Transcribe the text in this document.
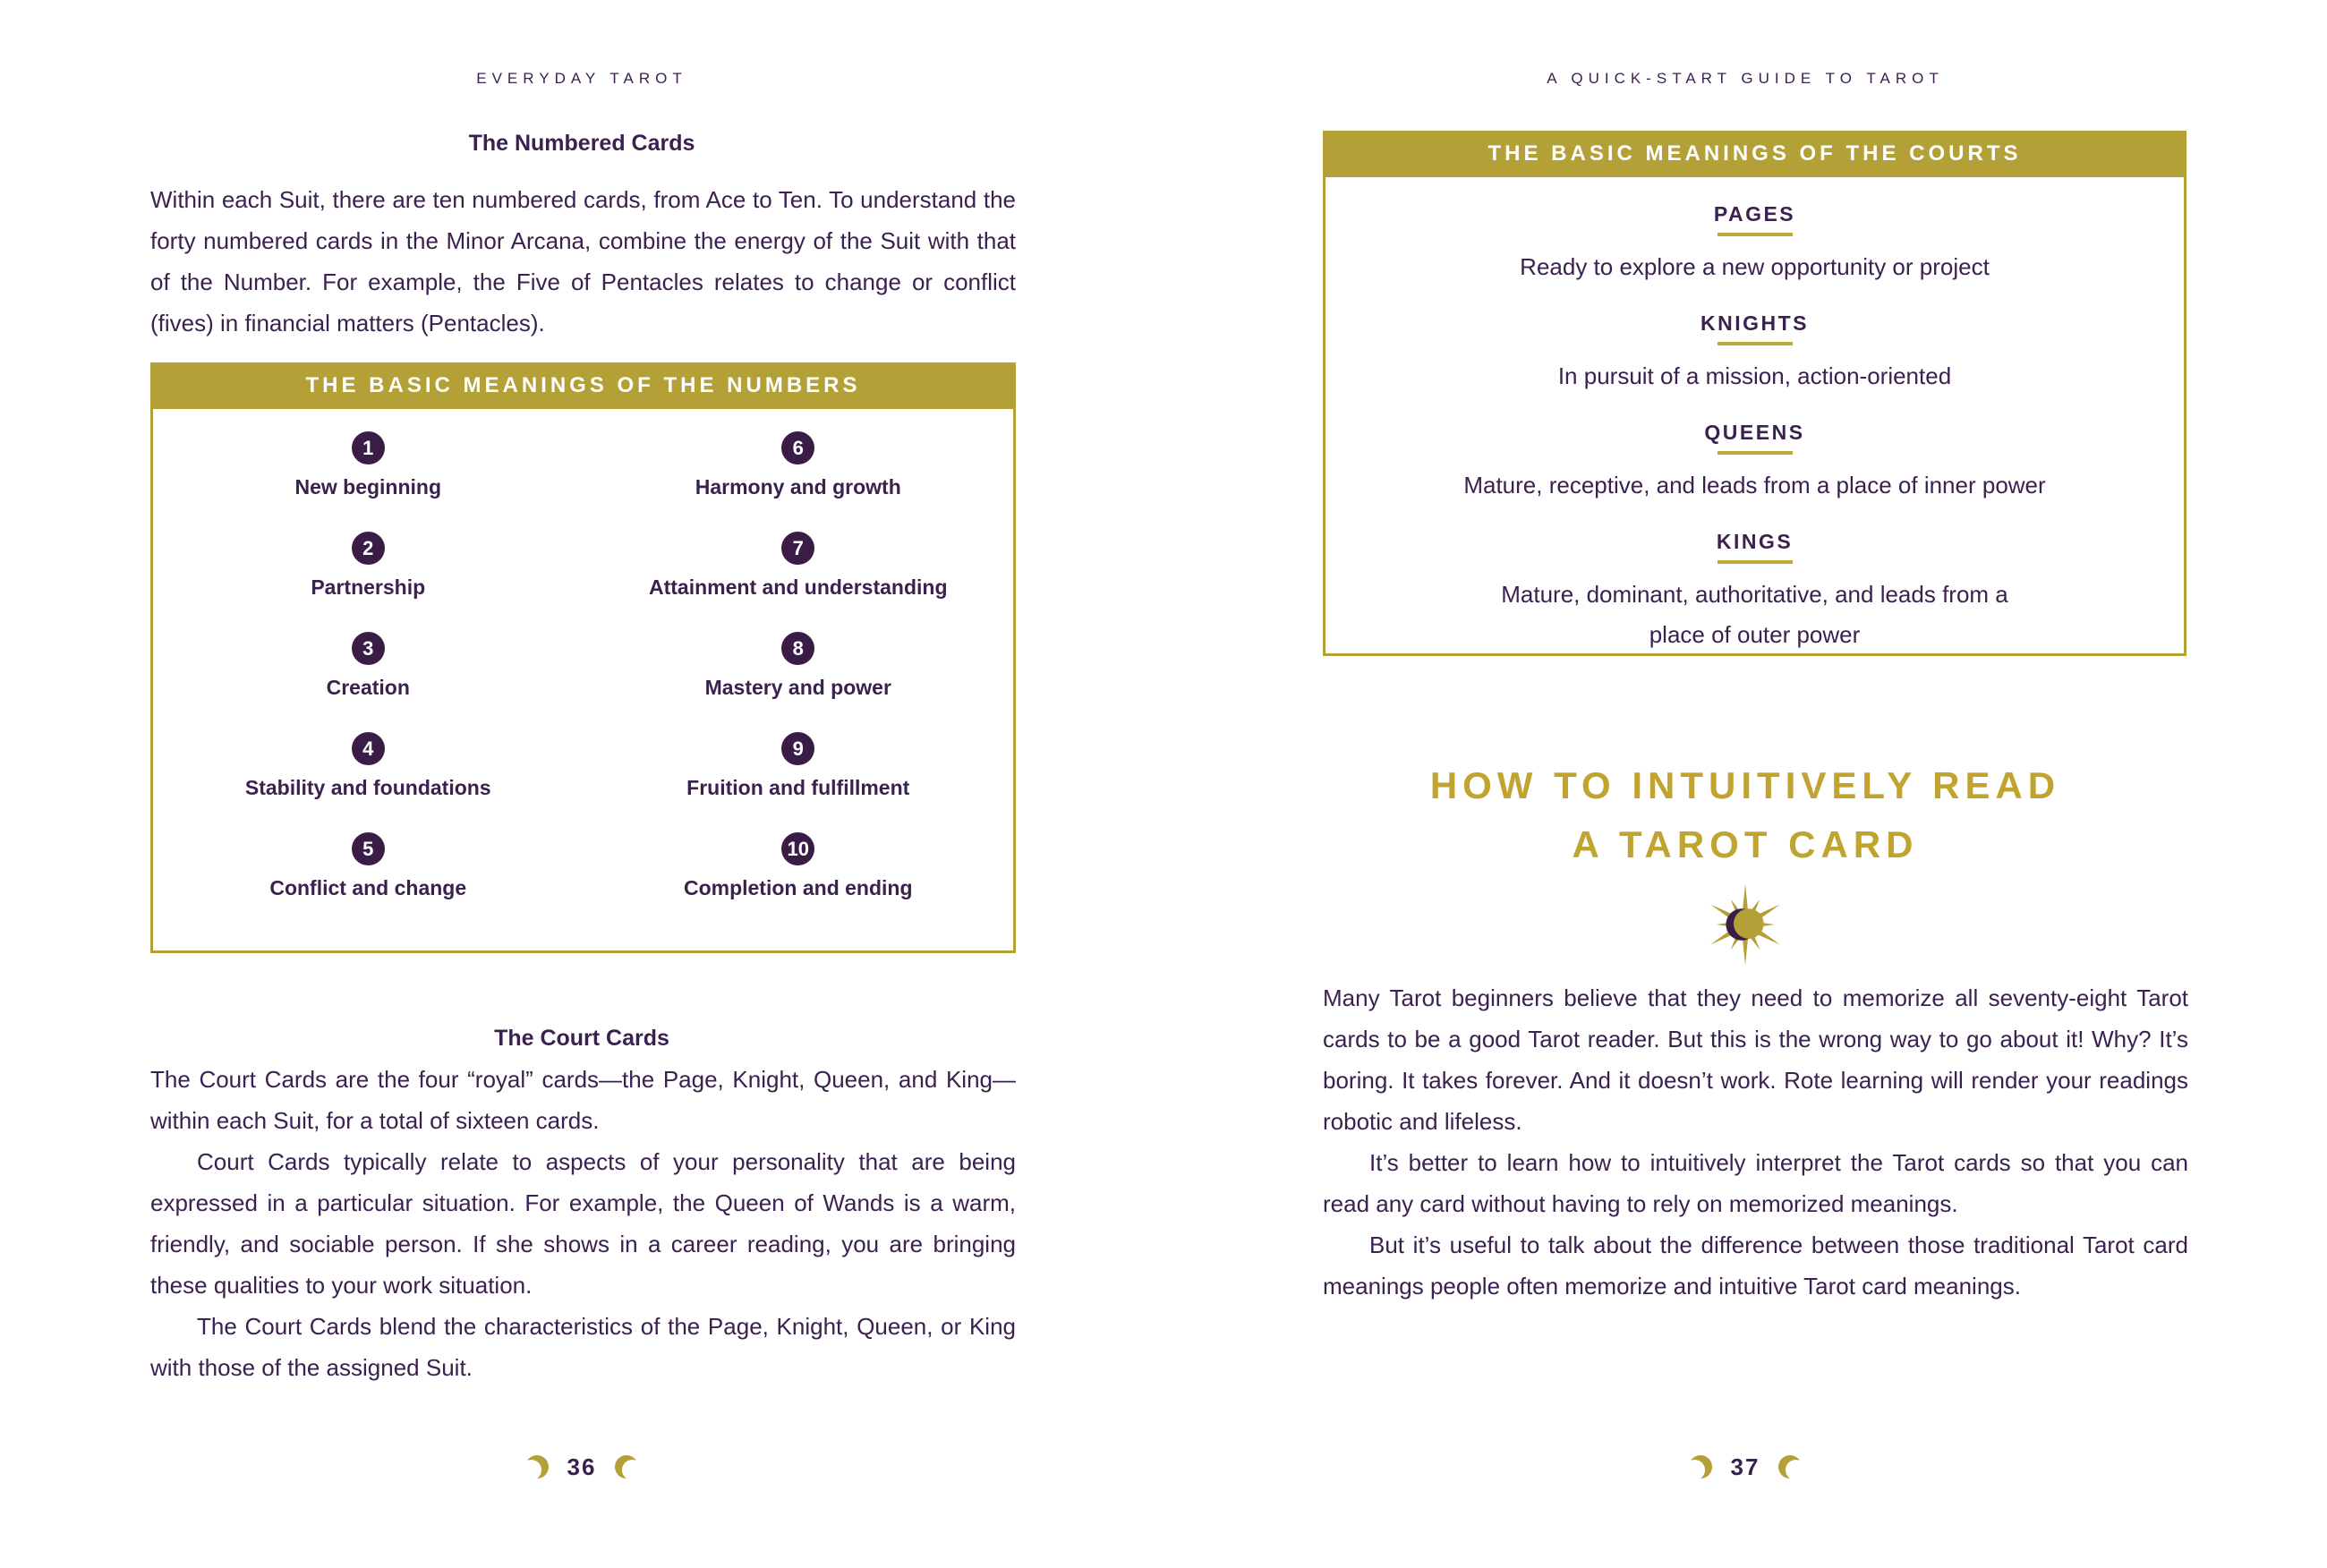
EVERYDAY TAROT
The Numbered Cards

Within each Suit, there are ten numbered cards, from Ace to Ten. To understand the forty numbered cards in the Minor Arcana, combine the energy of the Suit with that of the Number. For example, the Five of Pentacles relates to change or conflict (fives) in financial matters (Pentacles).

THE BASIC MEANINGS OF THE NUMBERS
1
New beginning
6
Harmony and growth
2
Partnership
7
Attainment and understanding
3
Creation
8
Mastery and power
4
Stability and foundations
9
Fruition and fulfillment
5
Conflict and change
10
Completion and ending
The Court Cards

The Court Cards are the four “royal” cards—the Page, Knight, Queen, and King—within each Suit, for a total of sixteen cards.

Court Cards typically relate to aspects of your personality that are being expressed in a particular situation. For example, the Queen of Wands is a warm, friendly, and sociable person. If she shows in a career reading, you are bringing these qualities to your work situation.

The Court Cards blend the characteristics of the Page, Knight, Queen, or King with those of the assigned Suit.

36
A QUICK-START GUIDE TO TAROT
THE BASIC MEANINGS OF THE COURTS
PAGES
Ready to explore a new opportunity or project
KNIGHTS
In pursuit of a mission, action-oriented
QUEENS
Mature, receptive, and leads from a place of inner power
KINGS
Mature, dominant, authoritative, and leads from a place of outer power
HOW TO INTUITIVELY READ
A TAROT CARD

Many Tarot beginners believe that they need to memorize all seventy-eight Tarot cards to be a good Tarot reader. But this is the wrong way to go about it! Why? It’s boring. It takes forever. And it doesn’t work. Rote learning will render your readings robotic and lifeless.

It’s better to learn how to intuitively interpret the Tarot cards so that you can read any card without having to rely on memorized meanings.

But it’s useful to talk about the difference between those traditional Tarot card meanings people often memorize and intuitive Tarot card meanings.

37
